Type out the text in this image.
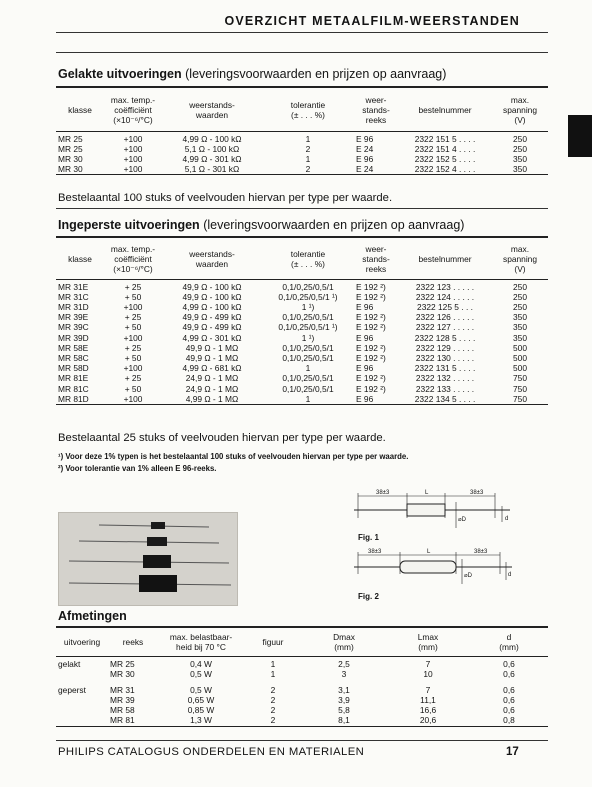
OVERZICHT METAALFILM-WEERSTANDEN
Gelakte uitvoeringen (leveringsvoorwaarden en prijzen op aanvraag)
klasse	max. temp.-
coëfficiënt
(×10⁻⁶/°C)	weerstands-
waarden	tolerantie
(± . . . %)	weer-
stands-
reeks	bestelnummer	max.
spanning
(V)
MR 25	+100	4,99 Ω - 100 kΩ	1	E 96	2322 151 5 . . . .	250
MR 25	+100	5,1 Ω - 100 kΩ	2	E 24	2322 151 4 . . . .	250
MR 30	+100	4,99 Ω - 301 kΩ	1	E 96	2322 152 5 . . . .	350
MR 30	+100	5,1 Ω - 301 kΩ	2	E 24	2322 152 4 . . . .	350
Bestelaantal 100 stuks of veelvouden hiervan per type per waarde.
Ingeperste uitvoeringen (leveringsvoorwaarden en prijzen op aanvraag)
klasse	max. temp.-
coëfficiënt
(×10⁻⁶/°C)	weerstands-
waarden	tolerantie
(± . . . %)	weer-
stands-
reeks	bestelnummer	max.
spanning
(V)
MR 31E	+ 25	49,9 Ω - 100 kΩ	0,1/0,25/0,5/1	E 192 ²)	2322 123 . . . . .	250
MR 31C	+ 50	49,9 Ω - 100 kΩ	0,1/0,25/0,5/1 ¹)	E 192 ²)	2322 124 . . . . .	250
MR 31D	+100	4,99 Ω - 100 kΩ	1 ¹)	E 96	2322 125 5 . . .	250
MR 39E	+ 25	49,9 Ω - 499 kΩ	0,1/0,25/0,5/1	E 192 ²)	2322 126 . . . . .	350
MR 39C	+ 50	49,9 Ω - 499 kΩ	0,1/0,25/0,5/1 ¹)	E 192 ²)	2322 127 . . . . .	350
MR 39D	+100	4,99 Ω - 301 kΩ	1 ¹)	E 96	2322 128 5 . . . .	350
MR 58E	+ 25	49,9 Ω - 1 MΩ	0,1/0,25/0,5/1	E 192 ²)	2322 129 . . . . .	500
MR 58C	+ 50	49,9 Ω - 1 MΩ	0,1/0,25/0,5/1	E 192 ²)	2322 130 . . . . .	500
MR 58D	+100	4,99 Ω - 681 kΩ	1	E 96	2322 131 5 . . . .	500
MR 81E	+ 25	24,9 Ω - 1 MΩ	0,1/0,25/0,5/1	E 192 ²)	2322 132 . . . . .	750
MR 81C	+ 50	24,9 Ω - 1 MΩ	0,1/0,25/0,5/1	E 192 ²)	2322 133 . . . . .	750
MR 81D	+100	4,99 Ω - 1 MΩ	1	E 96	2322 134 5 . . . .	750
Bestelaantal 25 stuks of veelvouden hiervan per type per waarde.
¹) Voor deze 1% typen is het bestelaantal 100 stuks of veelvouden hiervan per type per waarde.
²) Voor tolerantie van 1% alleen E 96-reeks.
38±3	L	38±3
⌀D	d
Fig. 1
38±3	L	38±3
⌀D	d
Fig. 2
Afmetingen
uitvoering	reeks	max. belastbaar-
heid bij 70 °C	figuur	Dmax
(mm)	Lmax
(mm)	d
(mm)
gelakt	MR 25	0,4 W	1	2,5	7	0,6
	MR 30	0,5 W	1	3	10	0,6
geperst	MR 31	0,5 W	2	3,1	7	0,6
	MR 39	0,65 W	2	3,9	11,1	0,6
	MR 58	0,85 W	2	5,8	16,6	0,6
	MR 81	1,3 W	2	8,1	20,6	0,8
PHILIPS CATALOGUS ONDERDELEN EN MATERIALEN	17
